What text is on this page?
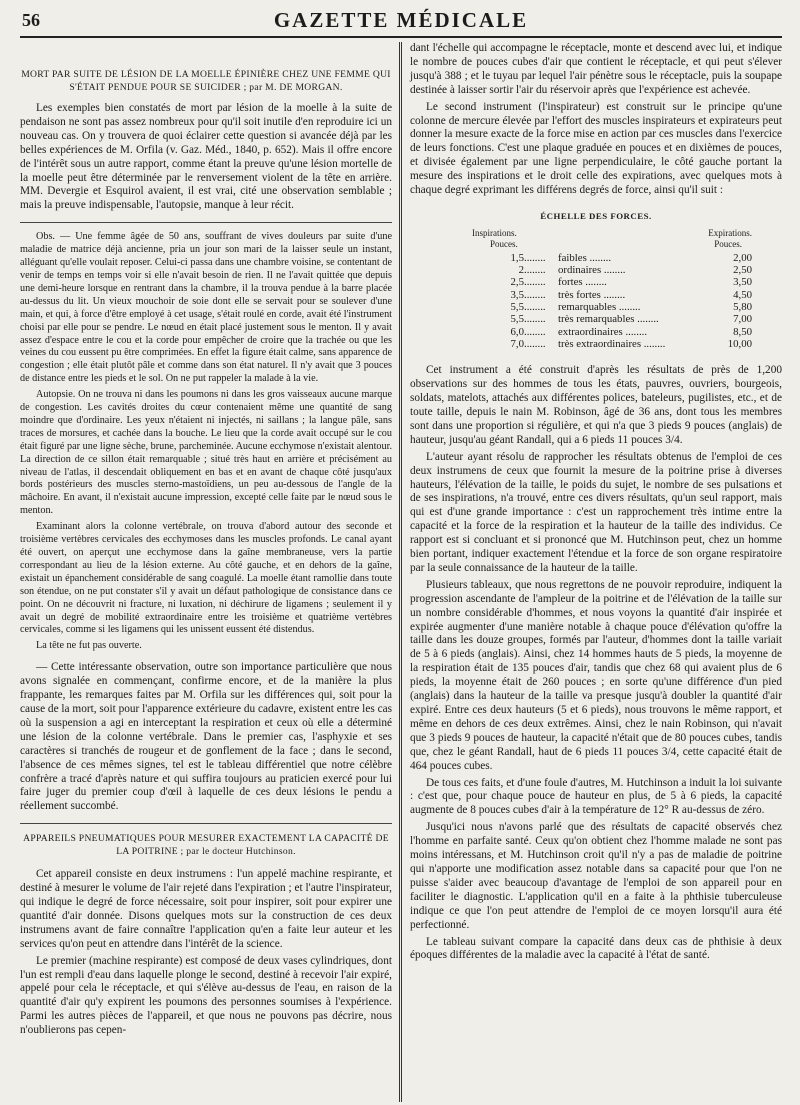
56	GAZETTE MÉDICALE
MORT PAR SUITE DE LÉSION DE LA MOELLE ÉPINIÈRE CHEZ UNE FEMME QUI S'ÉTAIT PENDUE POUR SE SUICIDER ; par M. DE MORGAN.

Les exemples bien constatés de mort par lésion de la moelle à la suite de pendaison ne sont pas assez nombreux pour qu'il soit inutile d'en reproduire ici un nouveau cas. On y trouvera de quoi éclairer cette question si avancée déjà par les belles expériences de M. Orfila (v. Gaz. Méd., 1840, p. 652). Mais il offre encore de l'intérêt sous un autre rapport, comme étant la preuve qu'une lésion mortelle de la moelle peut être déterminée par le renversement violent de la tête en arrière. MM. Devergie et Esquirol avaient, il est vrai, cité une observation semblable ; mais la preuve indispensable, l'autopsie, manque à leur récit.

Obs. — Une femme âgée de 50 ans, souffrant de vives douleurs par suite d'une maladie de matrice déjà ancienne, pria un jour son mari de la laisser seule un instant, alléguant qu'elle voulait reposer. Celui-ci passa dans une chambre voisine, se contentant de venir de temps en temps voir si elle n'avait besoin de rien. Il ne l'avait quittée que depuis une demi-heure lorsque en rentrant dans la chambre, il la trouva pendue à la barre placée au-dessus du lit. Un vieux mouchoir de soie dont elle se servait pour se soulever d'une main, et qui, à force d'être employé à cet usage, s'était roulé en corde, avait été l'instrument choisi par elle pour se pendre. Le nœud en était placé justement sous le menton. Il y avait assez d'espace entre le cou et la corde pour empêcher de croire que la trachée ou que les veines du cou eussent pu être comprimées. En effet la figure était calme, sans apparence de congestion ; elle était plutôt pâle et comme dans son état naturel. Il n'y avait que 3 pouces de distance entre les pieds et le sol. On ne put rappeler la malade à la vie.

Autopsie. On ne trouva ni dans les poumons ni dans les gros vaisseaux aucune marque de congestion. Les cavités droites du cœur contenaient même une quantité de sang moindre que d'ordinaire. Les yeux n'étaient ni injectés, ni saillans ; la langue pâle, sans traces de morsures, et cachée dans la bouche. Le lieu que la corde avait occupé sur le cou était figuré par une ligne sèche, brune, parcheminée. Aucune ecchymose n'existait alentour. La direction de ce sillon était remarquable ; situé très haut en arrière et précisément au niveau de l'atlas, il descendait obliquement en bas et en avant de chaque côté jusqu'aux bords postérieurs des muscles sterno-mastoïdiens, un peu au-dessous de l'angle de la mâchoire. En avant, il n'existait aucune impression, excepté celle faite par le nœud sous le menton.

Examinant alors la colonne vertébrale, on trouva d'abord autour des seconde et troisième vertèbres cervicales des ecchymoses dans les muscles profonds. Le canal ayant été ouvert, on aperçut une ecchymose dans la gaîne membraneuse, vers la partie correspondant au lieu de la lésion externe. Au côté gauche, et en dehors de la gaîne, existait un épanchement considérable de sang coagulé. La moelle étant ramollie dans toute son étendue, on ne put constater s'il y avait un défaut pathologique de consistance dans ce point. On ne découvrit ni fracture, ni luxation, ni déchirure de ligamens ; seulement il y avait un degré de mobilité extraordinaire entre les troisième et quatrième vertèbres cervicales, comme si les ligamens qui les unissent eussent été distendus.

La tête ne fut pas ouverte.

— Cette intéressante observation, outre son importance particulière que nous avons signalée en commençant, confirme encore, et de la manière la plus frappante, les remarques faites par M. Orfila sur les différences qui, soit pour la cause de la mort, soit pour l'apparence extérieure du cadavre, existent entre les cas où la suspension a agi en interceptant la respiration et ceux où elle a déterminé une lésion de la colonne vertébrale. Dans le premier cas, l'asphyxie et ses caractères si tranchés de rougeur et de gonflement de la face ; dans le second, l'absence de ces mêmes signes, tel est le tableau différentiel que notre célèbre confrère a tracé d'après nature et qui suffira toujours au praticien exercé pour lui faire juger du premier coup d'œil à laquelle de ces deux lésions le pendu a réellement succombé.

APPAREILS PNEUMATIQUES POUR MESURER EXACTEMENT LA CAPACITÉ DE LA POITRINE ; par le docteur Hutchinson.

Cet appareil consiste en deux instrumens : l'un appelé machine respirante, et destiné à mesurer le volume de l'air rejeté dans l'expiration ; et l'autre l'inspirateur, qui indique le degré de force nécessaire, soit pour inspirer, soit pour expirer une quantité d'air donnée. Disons quelques mots sur la construction de ces deux instrumens avant de faire connaître l'application qu'en a faite leur auteur et les services qu'on peut en attendre dans l'intérêt de la science.

Le premier (machine respirante) est composé de deux vases cylindriques, dont l'un est rempli d'eau dans laquelle plonge le second, destiné à recevoir l'air expiré, appelé pour cela le réceptacle, et qui s'élève au-dessus de l'eau, en raison de la quantité d'air qu'y expirent les poumons des personnes soumises à l'expérience. Parmi les autres pièces de l'appareil, et que nous ne pouvons pas décrire, nous n'oublierons pas cepen-

dant l'échelle qui accompagne le réceptacle, monte et descend avec lui, et indique le nombre de pouces cubes d'air que contient le réceptacle, et qui peut s'élever jusqu'à 388 ; et le tuyau par lequel l'air pénètre sous le réceptacle, puis la soupape destinée à laisser sortir l'air du réservoir après que l'expérience est achevée.

Le second instrument (l'inspirateur) est construit sur le principe qu'une colonne de mercure élevée par l'effort des muscles inspirateurs et expirateurs peut donner la mesure exacte de la force mise en action par ces muscles dans l'exercice de leurs fonctions. C'est une plaque graduée en pouces et en dixièmes de pouces, et divisée également par une ligne perpendiculaire, le côté gauche portant la mesure des inspirations et le droit celle des expirations, avec quelques mots à chaque degré exprimant les différens degrés de force, ainsi qu'il suit :

ÉCHELLE DES FORCES.
Inspirations.	Expirations.
Pouces.	Pouces.
1,5	........	faibles ........	2,00
2	........	ordinaires ........	2,50
2,5	........	fortes ........	3,50
3,5	........	très fortes ........	4,50
5,5	........	remarquables ........	5,80
5,5	........	très remarquables ........	7,00
6,0	........	extraordinaires ........	8,50
7,0	........	très extraordinaires ........	10,00

Cet instrument a été construit d'après les résultats de près de 1,200 observations sur des hommes de tous les états, pauvres, ouvriers, bourgeois, soldats, matelots, attachés aux différentes polices, bateleurs, pugilistes, etc., et de toute taille, depuis le nain M. Robinson, âgé de 36 ans, dont tous les membres sont dans une proportion si régulière, et qui n'a que 3 pieds 9 pouces (anglais) de hauteur, jusqu'au géant Randall, qui a 6 pieds 11 pouces 3/4.

L'auteur ayant résolu de rapprocher les résultats obtenus de l'emploi de ces deux instrumens de ceux que fournit la mesure de la poitrine prise à diverses hauteurs, l'élévation de la taille, le poids du sujet, le nombre de ses pulsations et de ses inspirations, n'a trouvé, entre ces divers résultats, qu'un seul rapport, mais qui est d'une grande importance : c'est un rapprochement très intime entre la capacité et la force de la respiration et la hauteur de la taille des individus. Ce rapport est si concluant et si prononcé que M. Hutchinson peut, chez un homme bien portant, indiquer exactement l'étendue et la force de son organe respiratoire par la seule connaissance de la hauteur de la taille.

Plusieurs tableaux, que nous regrettons de ne pouvoir reproduire, indiquent la progression ascendante de l'ampleur de la poitrine et de l'élévation de la taille sur un nombre considérable d'hommes, et nous voyons la quantité d'air inspirée et expirée augmenter d'une manière notable à chaque pouce d'élévation qu'offre la taille dans les douze groupes, formés par l'auteur, d'hommes dont la taille variait de 5 à 6 pieds (anglais). Ainsi, chez 14 hommes hauts de 5 pieds, la moyenne de la respiration était de 135 pouces d'air, tandis que chez 68 qui avaient plus de 6 pieds, la moyenne était de 260 pouces ; en sorte qu'une différence d'un pied (anglais) dans la hauteur de la taille va presque jusqu'à doubler la quantité d'air expiré. Entre ces deux hauteurs (5 et 6 pieds), nous trouvons le même rapport, et même en dehors de ces deux extrêmes. Ainsi, chez le nain Robinson, qui n'avait que 3 pieds 9 pouces de hauteur, la capacité n'était que de 80 pouces cubes, tandis que, chez le géant Randall, haut de 6 pieds 11 pouces 3/4, cette capacité était de 464 pouces cubes.

De tous ces faits, et d'une foule d'autres, M. Hutchinson a induit la loi suivante : c'est que, pour chaque pouce de hauteur en plus, de 5 à 6 pieds, la capacité augmente de 8 pouces cubes d'air à la température de 12° R au-dessus de zéro.

Jusqu'ici nous n'avons parlé que des résultats de capacité observés chez l'homme en parfaite santé. Ceux qu'on obtient chez l'homme malade ne sont pas moins intéressans, et M. Hutchinson croit qu'il n'y a pas de maladie de poitrine qui n'apporte une modification assez notable dans sa capacité pour que l'on ne puisse s'aider avec beaucoup d'avantage de l'emploi de son appareil pour en faciliter le diagnostic. L'application qu'il en a faite à la phthisie tuberculeuse indique ce que l'on peut attendre de l'emploi de ce moyen lorsqu'il aura été perfectionné.

Le tableau suivant compare la capacité dans deux cas de phthisie à deux époques différentes de la maladie avec la capacité à l'état de santé.
